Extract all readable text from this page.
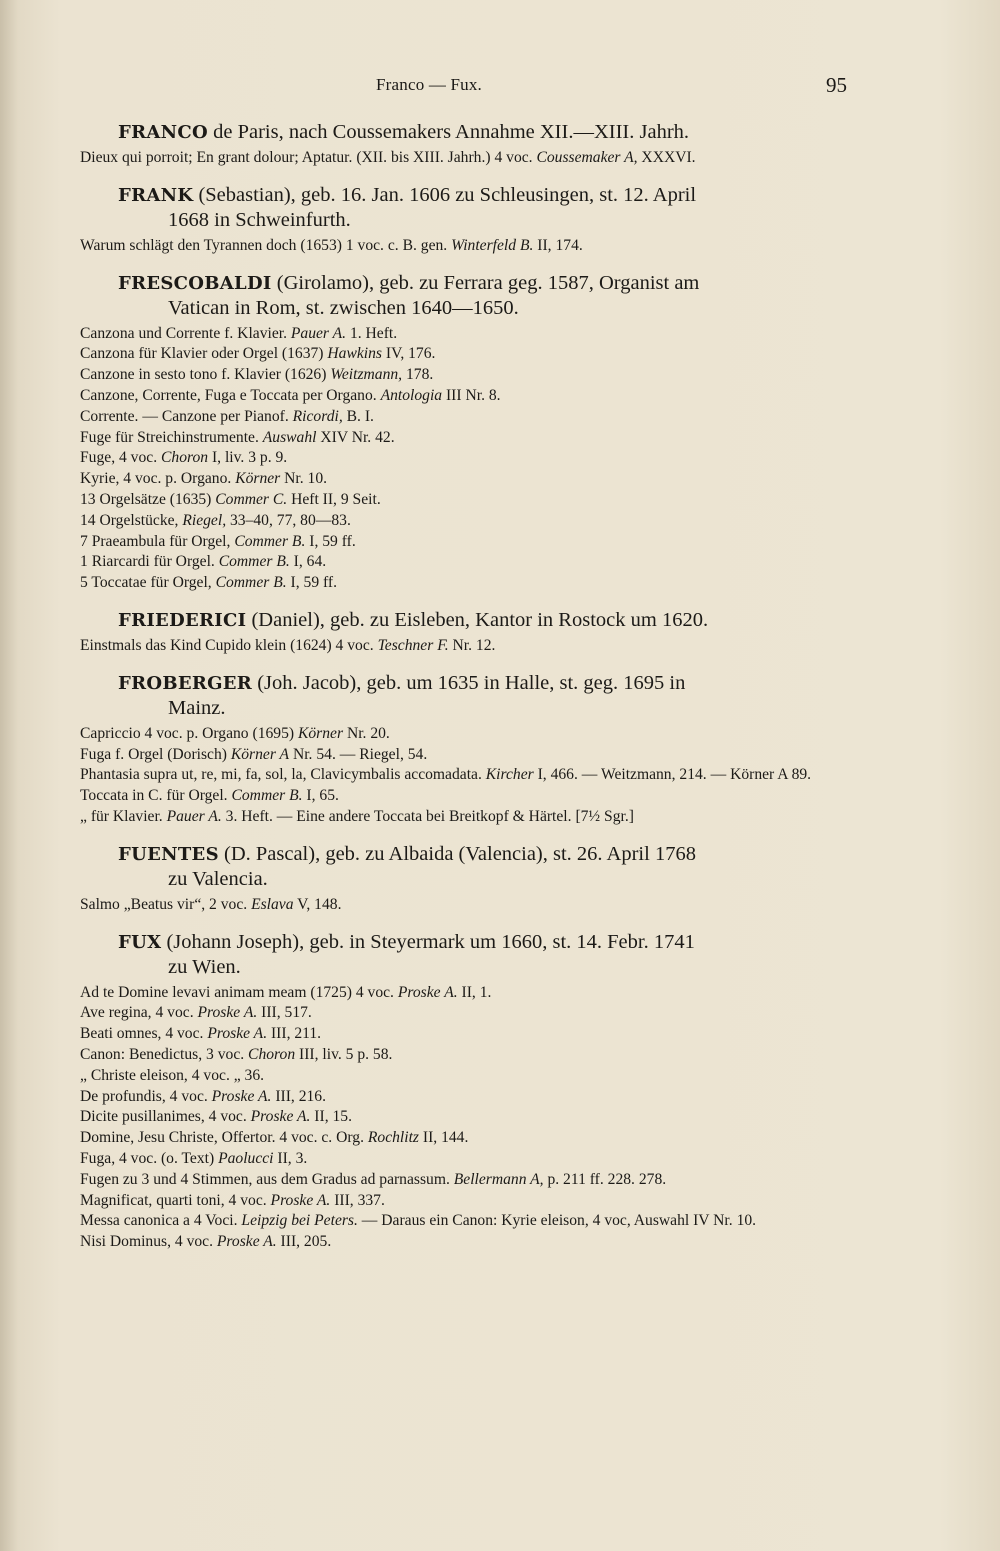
Franco — Fux.	95
FRANCO de Paris, nach Coussemakers Annahme XII.—XIII. Jahrh.
Dieux qui porroit; En grant dolour; Aptatur. (XII. bis XIII. Jahrh.) 4 voc. Coussemaker A, XXXVI.
FRANK (Sebastian), geb. 16. Jan. 1606 zu Schleusingen, st. 12. April
1668 in Schweinfurth.
Warum schlägt den Tyrannen doch (1653) 1 voc. c. B. gen. Winterfeld B. II, 174.
FRESCOBALDI (Girolamo), geb. zu Ferrara geg. 1587, Organist am
Vatican in Rom, st. zwischen 1640—1650.
Canzona und Corrente f. Klavier. Pauer A. 1. Heft.
Canzona für Klavier oder Orgel (1637) Hawkins IV, 176.
Canzone in sesto tono f. Klavier (1626) Weitzmann, 178.
Canzone, Corrente, Fuga e Toccata per Organo. Antologia III Nr. 8.
Corrente. — Canzone per Pianof. Ricordi, B. I.
Fuge für Streichinstrumente. Auswahl XIV Nr. 42.
Fuge, 4 voc. Choron I, liv. 3 p. 9.
Kyrie, 4 voc. p. Organo. Körner Nr. 10.
13 Orgelsätze (1635) Commer C. Heft II, 9 Seit.
14 Orgelstücke, Riegel, 33–40, 77, 80—83.
7 Praeambula für Orgel, Commer B. I, 59 ff.
1 Riarcardi für Orgel. Commer B. I, 64.
5 Toccatae für Orgel, Commer B. I, 59 ff.
FRIEDERICI (Daniel), geb. zu Eisleben, Kantor in Rostock um 1620.
Einstmals das Kind Cupido klein (1624) 4 voc. Teschner F. Nr. 12.
FROBERGER (Joh. Jacob), geb. um 1635 in Halle, st. geg. 1695 in
Mainz.
Capriccio 4 voc. p. Organo (1695) Körner Nr. 20.
Fuga f. Orgel (Dorisch) Körner A Nr. 54. — Riegel, 54.
Phantasia supra ut, re, mi, fa, sol, la, Clavicymbalis accomadata. Kircher I, 466. — Weitzmann, 214. — Körner A 89.
Toccata in C. für Orgel. Commer B. I, 65.
„ für Klavier. Pauer A. 3. Heft. — Eine andere Toccata bei Breitkopf & Härtel. [7½ Sgr.]
FUENTES (D. Pascal), geb. zu Albaida (Valencia), st. 26. April 1768
zu Valencia.
Salmo „Beatus vir“, 2 voc. Eslava V, 148.
FUX (Johann Joseph), geb. in Steyermark um 1660, st. 14. Febr. 1741
zu Wien.
Ad te Domine levavi animam meam (1725) 4 voc. Proske A. II, 1.
Ave regina, 4 voc. Proske A. III, 517.
Beati omnes, 4 voc. Proske A. III, 211.
Canon: Benedictus, 3 voc. Choron III, liv. 5 p. 58.
„ Christe eleison, 4 voc. „ 36.
De profundis, 4 voc. Proske A. III, 216.
Dicite pusillanimes, 4 voc. Proske A. II, 15.
Domine, Jesu Christe, Offertor. 4 voc. c. Org. Rochlitz II, 144.
Fuga, 4 voc. (o. Text) Paolucci II, 3.
Fugen zu 3 und 4 Stimmen, aus dem Gradus ad parnassum. Bellermann A, p. 211 ff. 228. 278.
Magnificat, quarti toni, 4 voc. Proske A. III, 337.
Messa canonica a 4 Voci. Leipzig bei Peters. — Daraus ein Canon: Kyrie eleison, 4 voc, Auswahl IV Nr. 10.
Nisi Dominus, 4 voc. Proske A. III, 205.
